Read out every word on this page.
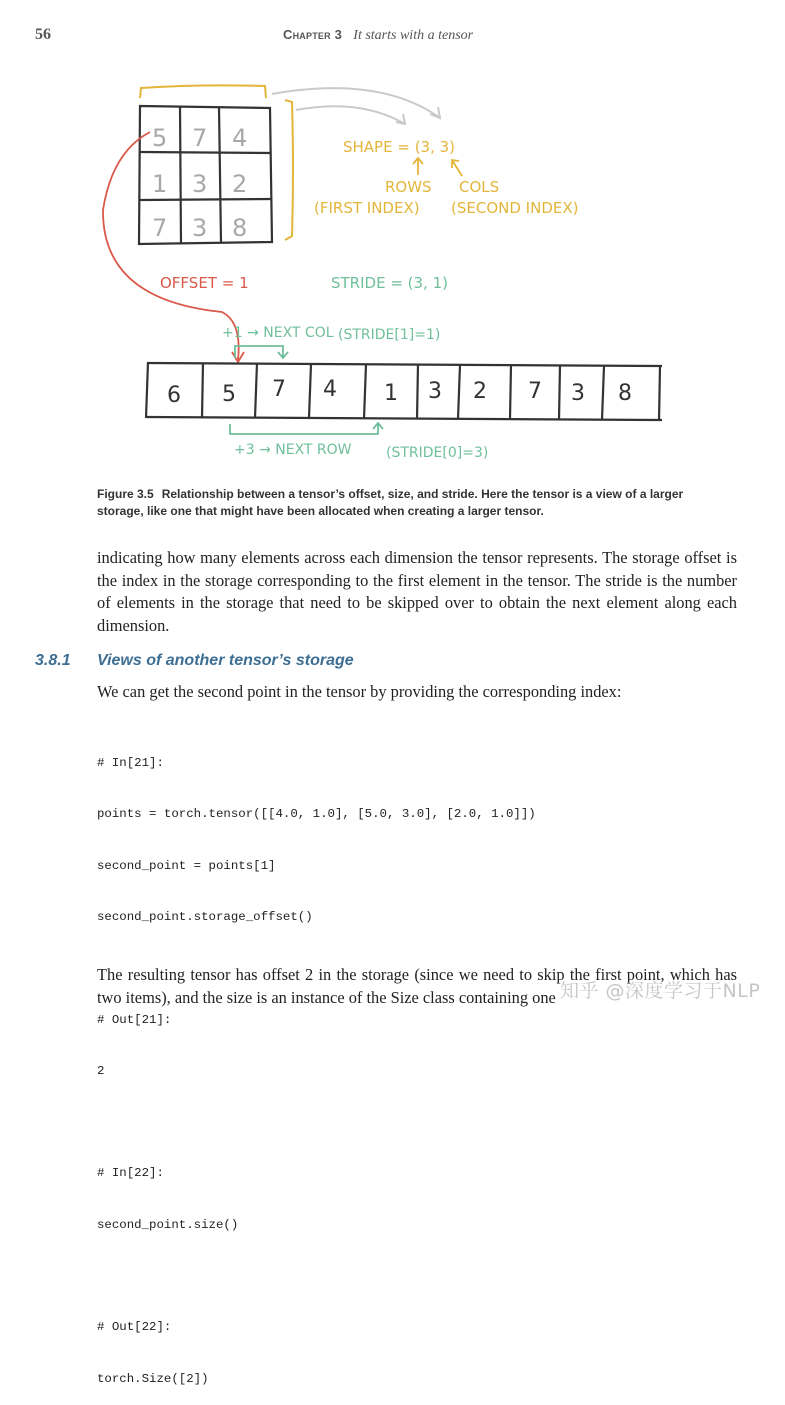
56	Chapter 3 It starts with a tensor
5 7 4
1 3 2
7 3 8
SHAPE = (3, 3)
ROWS COLS
(FIRST INDEX) (SECOND INDEX)
OFFSET = 1	STRIDE = (3, 1)
+1 → NEXT COL (STRIDE[1]=1)
6 5 7 4 1 3 2 7 3 8
+3 → NEXT ROW (STRIDE[0]=3)
Figure 3.5 Relationship between a tensor’s offset, size, and stride. Here the tensor is a view of a larger storage, like one that might have been allocated when creating a larger tensor.
indicating how many elements across each dimension the tensor represents. The storage offset is the index in the storage corresponding to the first element in the tensor. The stride is the number of elements in the storage that need to be skipped over to obtain the next element along each dimension.
3.8.1 Views of another tensor’s storage
We can get the second point in the tensor by providing the corresponding index:

# In[21]:

points = torch.tensor([[4.0, 1.0], [5.0, 3.0], [2.0, 1.0]])

second_point = points[1]

second_point.storage_offset()

# Out[21]:

2

# In[22]:

second_point.size()

# Out[22]:

torch.Size([2])

The resulting tensor has offset 2 in the storage (since we need to skip the first point, which has two items), and the size is an instance of the Size class containing one 知乎 @深度学习于NLP
